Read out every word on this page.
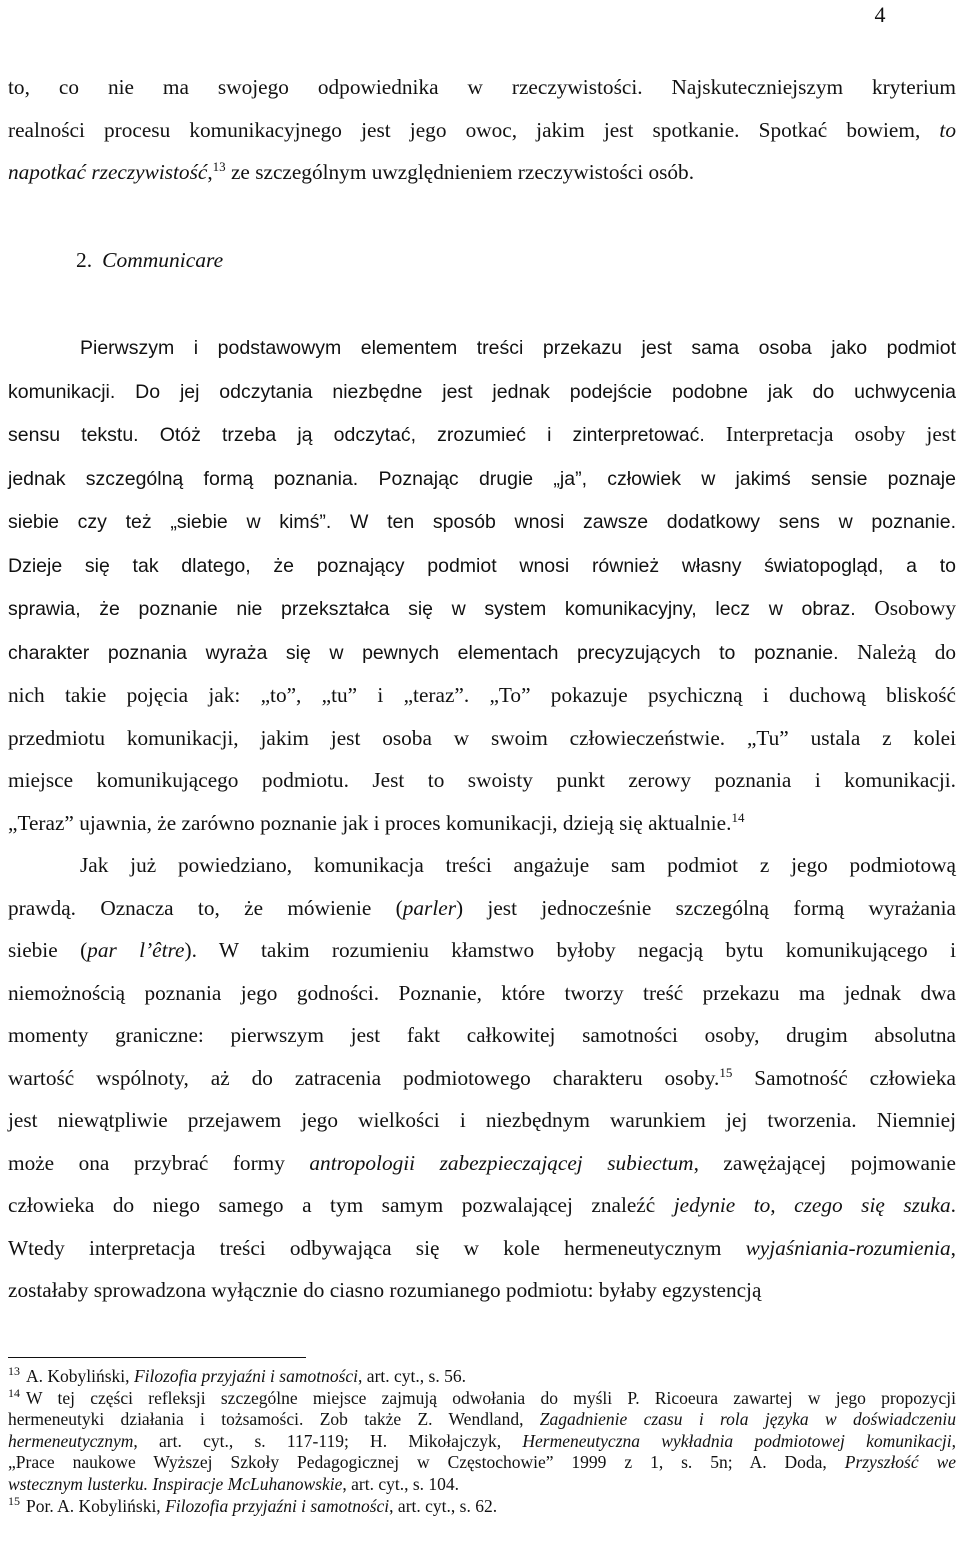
4

to, co nie ma swojego odpowiednika w rzeczywistości. Najskuteczniejszym kryterium
realności procesu komunikacyjnego jest jego owoc, jakim jest spotkanie. Spotkać bowiem, to
napotkać rzeczywistość,$^{13}$ ze szczególnym uwzględnieniem rzeczywistości osób.

2. Communicare

Pierwszym i podstawowym elementem treści przekazu jest sama osoba jako podmiot
komunikacji. Do jej odczytania niezbędne jest jednak podejście podobne jak do uchwycenia
sensu tekstu. Otóż trzeba ją odczytać, zrozumieć i zinterpretować. Interpretacja osoby jest
jednak szczególną formą poznania. Poznając drugie „ja”, człowiek w jakimś sensie poznaje
siebie czy też „siebie w kimś”. W ten sposób wnosi zawsze dodatkowy sens w poznanie.
Dzieje się tak dlatego, że poznający podmiot wnosi również własny światopogląd, a to
sprawia, że poznanie nie przekształca się w system komunikacyjny, lecz w obraz. Osobowy
charakter poznania wyraża się w pewnych elementach precyzujących to poznanie. Należą do
nich takie pojęcia jak: „to”, „tu” i „teraz”. „To” pokazuje psychiczną i duchową bliskość
przedmiotu komunikacji, jakim jest osoba w swoim człowieczeństwie. „Tu” ustala z kolei
miejsce komunikującego podmiotu. Jest to swoisty punkt zerowy poznania i komunikacji.
„Teraz” ujawnia, że zarówno poznanie jak i proces komunikacji, dzieją się aktualnie.$^{14}$

Jak już powiedziano, komunikacja treści angażuje sam podmiot z jego podmiotową
prawdą. Oznacza to, że mówienie (parler) jest jednocześnie szczególną formą wyrażania
siebie (par l’être). W takim rozumieniu kłamstwo byłoby negacją bytu komunikującego i
niemożnością poznania jego godności. Poznanie, które tworzy treść przekazu ma jednak dwa
momenty graniczne: pierwszym jest fakt całkowitej samotności osoby, drugim absolutna
wartość wspólnoty, aż do zatracenia podmiotowego charakteru osoby.$^{15}$ Samotność człowieka
jest niewątpliwie przejawem jego wielkości i niezbędnym warunkiem jej tworzenia. Niemniej
może ona przybrać formy antropologii zabezpieczającej subiectum, zawężającej pojmowanie
człowieka do niego samego a tym samym pozwalającej znaleźć jedynie to, czego się szuka.
Wtedy interpretacja treści odbywająca się w kole hermeneutycznym wyjaśniania-rozumienia,
zostałaby sprowadzona wyłącznie do ciasno rozumianego podmiotu: byłaby egzystencją

$^{13}$ A. Kobyliński, Filozofia przyjaźni i samotności, art. cyt., s. 56.
$^{14}$ W tej części refleksji szczególne miejsce zajmują odwołania do myśli P. Ricoeura zawartej w jego propozycji
hermeneutyki działania i tożsamości. Zob także Z. Wendland, Zagadnienie czasu i rola języka w doświadczeniu
hermeneutycznym, art. cyt., s. 117-119; H. Mikołajczyk, Hermeneutyczna wykładnia podmiotowej komunikacji,
„Prace naukowe Wyższej Szkoły Pedagogicznej w Częstochowie” 1999 z 1, s. 5n; A. Doda, Przyszłość we
wstecznym lusterku. Inspiracje McLuhanowskie, art. cyt., s. 104.
$^{15}$ Por. A. Kobyliński, Filozofia przyjaźni i samotności, art. cyt., s. 62.
